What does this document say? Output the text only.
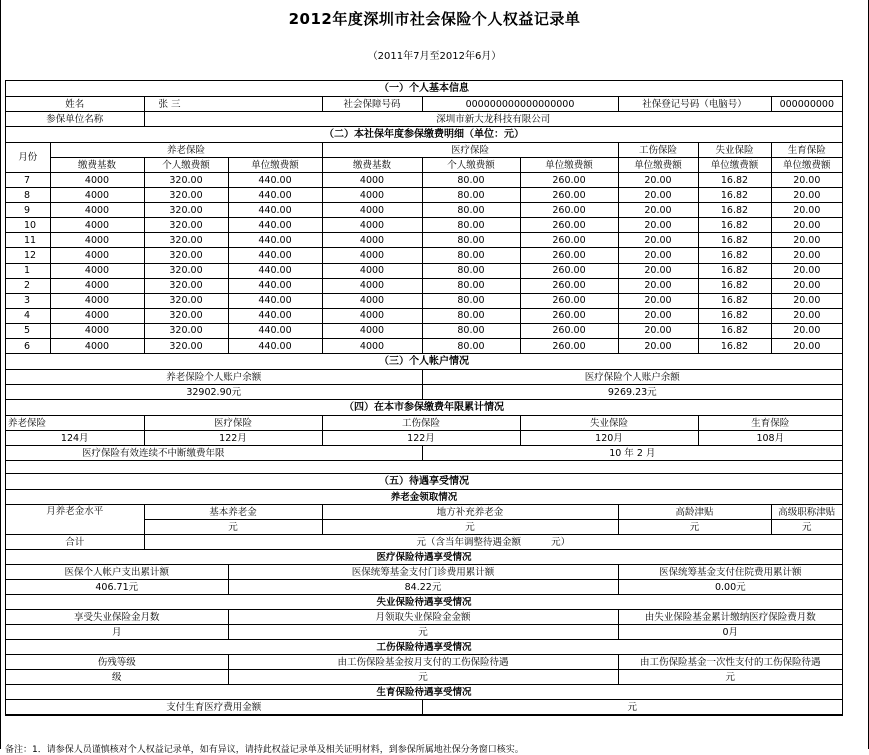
2012年度深圳市社会保险个人权益记录单
（2011年7月至2012年6月）
（一）个人基本信息									
姓名		张 三		社会保障号码	000000000000000000		社保登记号码（电脑号）		000000000
参保单位名称		深圳市新大龙科技有限公司							
（二）本社保年度参保缴费明细（单位：元）									
月份	养老保险			医疗保险			工伤保险	失业保险	生育保险
	缴费基数	个人缴费额	单位缴费额	缴费基数	个人缴费额	单位缴费额	单位缴费额	单位缴费额	单位缴费额
7	4000	320.00	440.00	4000	80.00	260.00	20.00	16.82	20.00
8	4000	320.00	440.00	4000	80.00	260.00	20.00	16.82	20.00
9	4000	320.00	440.00	4000	80.00	260.00	20.00	16.82	20.00
10	4000	320.00	440.00	4000	80.00	260.00	20.00	16.82	20.00
11	4000	320.00	440.00	4000	80.00	260.00	20.00	16.82	20.00
12	4000	320.00	440.00	4000	80.00	260.00	20.00	16.82	20.00
1	4000	320.00	440.00	4000	80.00	260.00	20.00	16.82	20.00
2	4000	320.00	440.00	4000	80.00	260.00	20.00	16.82	20.00
3	4000	320.00	440.00	4000	80.00	260.00	20.00	16.82	20.00
4	4000	320.00	440.00	4000	80.00	260.00	20.00	16.82	20.00
5	4000	320.00	440.00	4000	80.00	260.00	20.00	16.82	20.00
6	4000	320.00	440.00	4000	80.00	260.00	20.00	16.82	20.00
（三）个人帐户情况									
养老保险个人账户余额					医疗保险个人账户余额				
32902.90元					9269.23元				
（四）在本市参保缴费年限累计情况									
养老保险		医疗保险		工伤保险		失业保险		生育保险	
124月		122月		122月		120月		108月	
医疗保险有效连续不中断缴费年限					10 年 2 月				

（五）待遇享受情况									
养老金领取情况									
月养老金水平		基本养老金		地方补充养老金			高龄津贴		高级职称津贴
		元		元			元		元
合计		元（含当年调整待遇金额          元）							
医疗保险待遇享受情况									
医保个人帐户支出累计额			医保统筹基金支付门诊费用累计额				医保统筹基金支付住院费用累计额		
406.71元			84.22元				0.00元		
失业保险待遇享受情况									
享受失业保险金月数			月领取失业保险金金额				由失业保险基金累计缴纳医疗保险费月数		
月			元				0月		
工伤保险待遇享受情况									
伤残等级			由工伤保险基金按月支付的工伤保险待遇				由工伤保险基金一次性支付的工伤保险待遇		
级			元				元		
生育保险待遇享受情况									
支付生育医疗费用金额					元				
备注：1．请参保人员谨慎核对个人权益记录单，如有异议，请持此权益记录单及相关证明材料，到参保所属地社保分务窗口核实。
